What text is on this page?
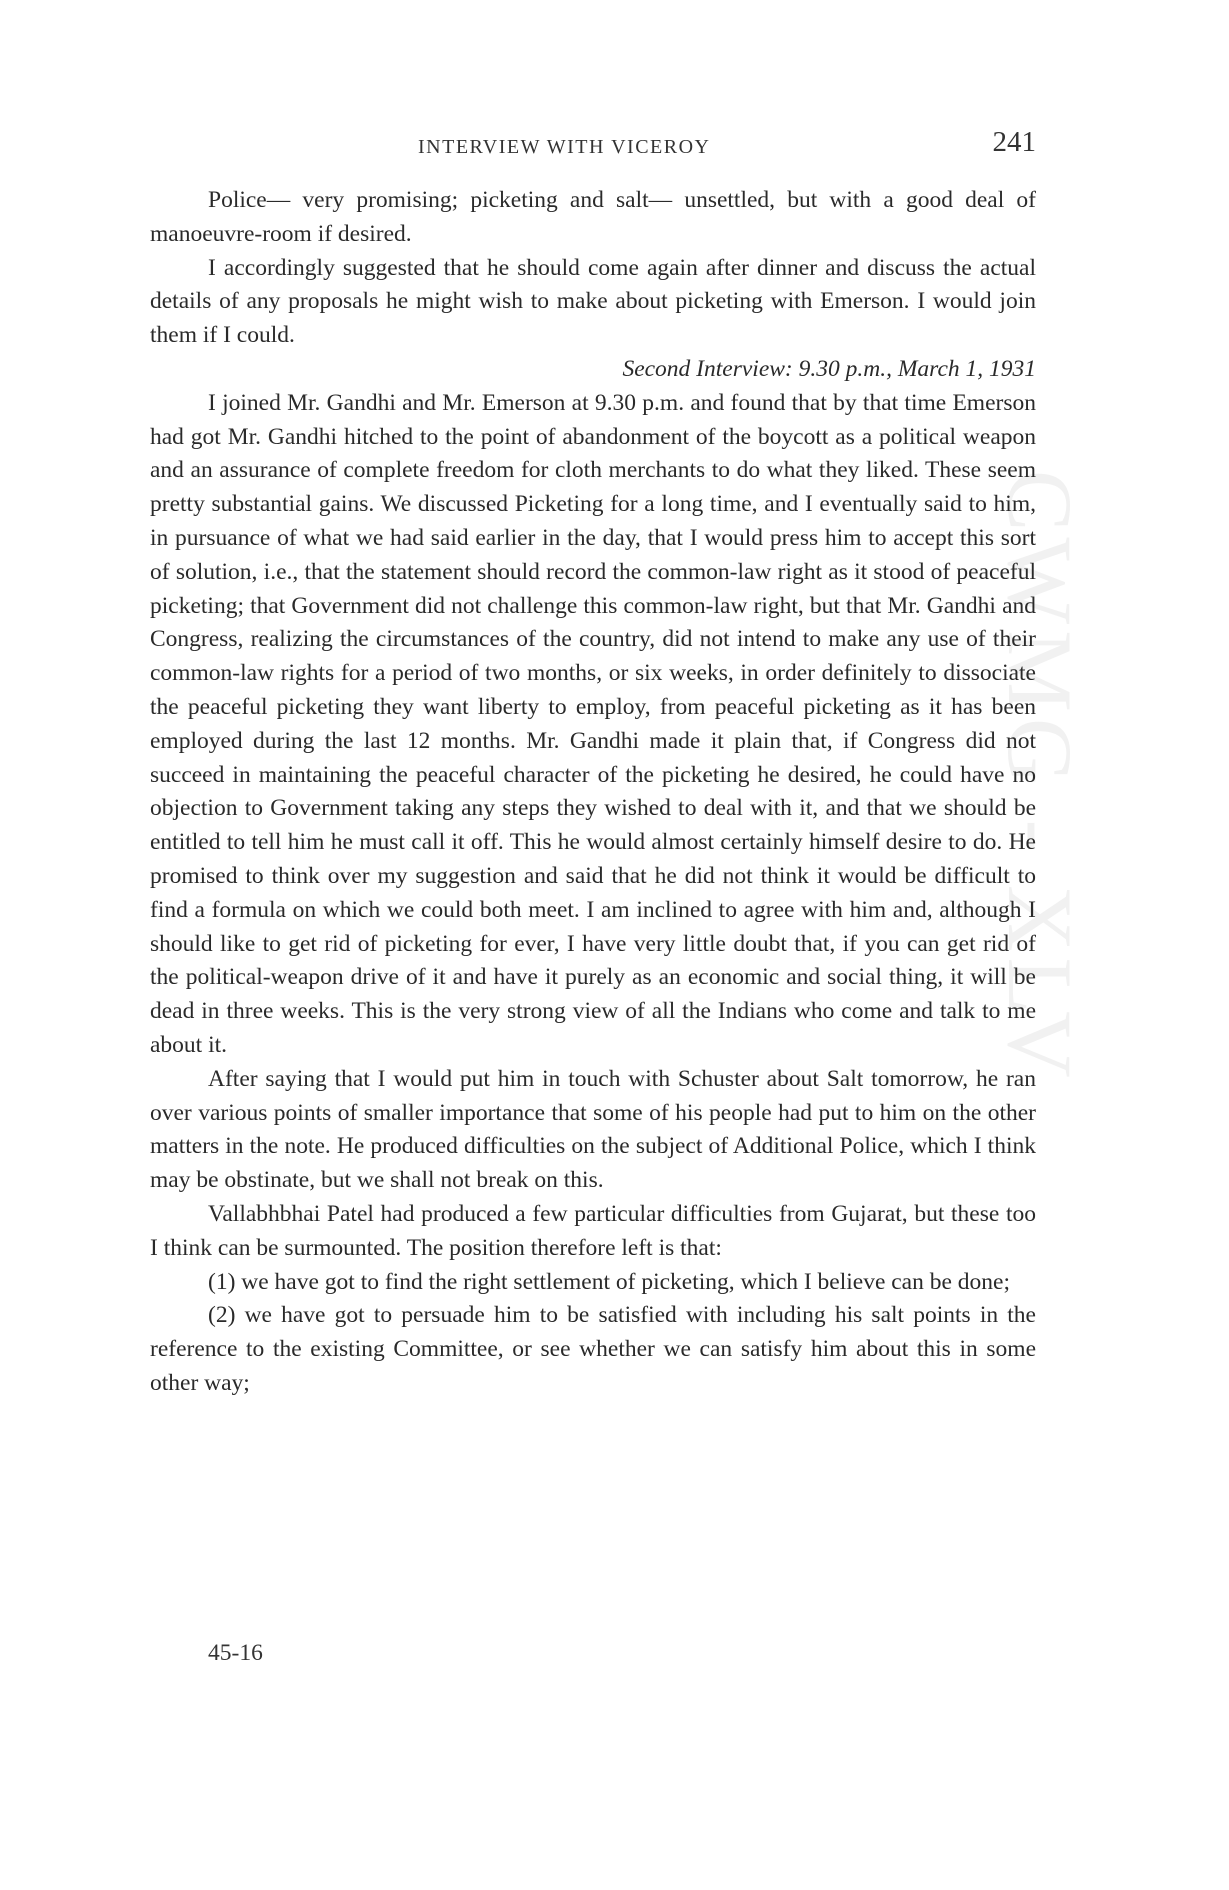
CWMG - XLV
INTERVIEW WITH VICEROY	241

Police— very promising; picketing and salt— unsettled, but with a good deal of manoeuvre-room if desired.

I accordingly suggested that he should come again after dinner and discuss the actual details of any proposals he might wish to make about picketing with Emerson. I would join them if I could.

Second Interview: 9.30 p.m., March 1, 1931

I joined Mr. Gandhi and Mr. Emerson at 9.30 p.m. and found that by that time Emerson had got Mr. Gandhi hitched to the point of abandonment of the boycott as a political weapon and an assurance of complete freedom for cloth merchants to do what they liked. These seem pretty substantial gains. We discussed Picketing for a long time, and I eventually said to him, in pursuance of what we had said earlier in the day, that I would press him to accept this sort of solution, i.e., that the statement should record the common-law right as it stood of peaceful picketing; that Government did not challenge this common-law right, but that Mr. Gandhi and Congress, realizing the circumstances of the country, did not intend to make any use of their common-law rights for a period of two months, or six weeks, in order definitely to dissociate the peaceful picketing they want liberty to employ, from peaceful picketing as it has been employed during the last 12 months. Mr. Gandhi made it plain that, if Congress did not succeed in maintaining the peaceful character of the picketing he desired, he could have no objection to Government taking any steps they wished to deal with it, and that we should be entitled to tell him he must call it off. This he would almost certainly himself desire to do. He promised to think over my suggestion and said that he did not think it would be difficult to find a formula on which we could both meet. I am inclined to agree with him and, although I should like to get rid of picketing for ever, I have very little doubt that, if you can get rid of the political-weapon drive of it and have it purely as an economic and social thing, it will be dead in three weeks. This is the very strong view of all the Indians who come and talk to me about it.

After saying that I would put him in touch with Schuster about Salt tomorrow, he ran over various points of smaller importance that some of his people had put to him on the other matters in the note. He produced difficulties on the subject of Additional Police, which I think may be obstinate, but we shall not break on this.

Vallabhbhai Patel had produced a few particular difficulties from Gujarat, but these too I think can be surmounted. The position therefore left is that:

(1) we have got to find the right settlement of picketing, which I believe can be done;

(2) we have got to persuade him to be satisfied with including his salt points in the reference to the existing Committee, or see whether we can satisfy him about this in some other way;

45-16
